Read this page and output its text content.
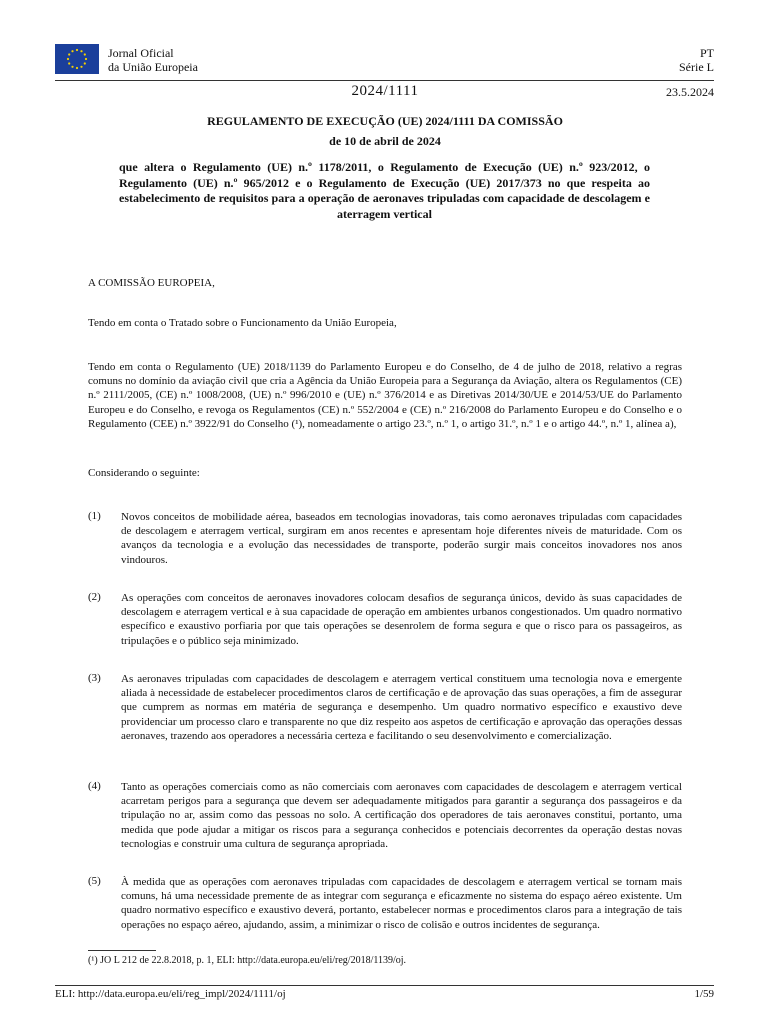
Jornal Oficial
da União Europeia
PT
Série L
2024/1111	23.5.2024
REGULAMENTO DE EXECUÇÃO (UE) 2024/1111 DA COMISSÃO
de 10 de abril de 2024
que altera o Regulamento (UE) n.º 1178/2011, o Regulamento de Execução (UE) n.º 923/2012, o Regulamento (UE) n.º 965/2012 e o Regulamento de Execução (UE) 2017/373 no que respeita ao estabelecimento de requisitos para a operação de aeronaves tripuladas com capacidade de descolagem e aterragem vertical
A COMISSÃO EUROPEIA,
Tendo em conta o Tratado sobre o Funcionamento da União Europeia,
Tendo em conta o Regulamento (UE) 2018/1139 do Parlamento Europeu e do Conselho, de 4 de julho de 2018, relativo a regras comuns no domínio da aviação civil que cria a Agência da União Europeia para a Segurança da Aviação, altera os Regulamentos (CE) n.º 2111/2005, (CE) n.º 1008/2008, (UE) n.º 996/2010 e (UE) n.º 376/2014 e as Diretivas 2014/30/UE e 2014/53/UE do Parlamento Europeu e do Conselho, e revoga os Regulamentos (CE) n.º 552/2004 e (CE) n.º 216/2008 do Parlamento Europeu e do Conselho e o Regulamento (CEE) n.º 3922/91 do Conselho (¹), nomeadamente o artigo 23.º, n.º 1, o artigo 31.º, n.º 1 e o artigo 44.º, n.º 1, alínea a),
Considerando o seguinte:
(1) Novos conceitos de mobilidade aérea, baseados em tecnologias inovadoras, tais como aeronaves tripuladas com capacidades de descolagem e aterragem vertical, surgiram em anos recentes e apresentam hoje diferentes níveis de maturidade. Com os avanços da tecnologia e a evolução das necessidades de transporte, poderão surgir mais conceitos inovadores nos anos vindouros.
(2) As operações com conceitos de aeronaves inovadores colocam desafios de segurança únicos, devido às suas capacidades de descolagem e aterragem vertical e à sua capacidade de operação em ambientes urbanos congestionados. Um quadro normativo específico e exaustivo porfiaria por que tais operações se desenrolem de forma segura e que o risco para os passageiros, as tripulações e o público seja minimizado.
(3) As aeronaves tripuladas com capacidades de descolagem e aterragem vertical constituem uma tecnologia nova e emergente aliada à necessidade de estabelecer procedimentos claros de certificação e de aprovação das suas operações, a fim de assegurar que cumprem as normas em matéria de segurança e desempenho. Um quadro normativo específico e exaustivo deve providenciar um processo claro e transparente no que diz respeito aos aspetos de certificação e aprovação das operações dessas aeronaves, trazendo aos operadores a necessária certeza e facilitando o seu desenvolvimento e comercialização.
(4) Tanto as operações comerciais como as não comerciais com aeronaves com capacidades de descolagem e aterragem vertical acarretam perigos para a segurança que devem ser adequadamente mitigados para garantir a segurança dos passageiros e da tripulação no ar, assim como das pessoas no solo. A certificação dos operadores de tais aeronaves constitui, portanto, uma medida que pode ajudar a mitigar os riscos para a segurança conhecidos e potenciais decorrentes da operação destas novas tecnologias e construir uma cultura de segurança apropriada.
(5) À medida que as operações com aeronaves tripuladas com capacidades de descolagem e aterragem vertical se tornam mais comuns, há uma necessidade premente de as integrar com segurança e eficazmente no sistema do espaço aéreo existente. Um quadro normativo específico e exaustivo deverá, portanto, estabelecer normas e procedimentos claros para a integração de tais operações no espaço aéreo, ajudando, assim, a minimizar o risco de colisão e outros incidentes de segurança.
(¹) JO L 212 de 22.8.2018, p. 1, ELI: http://data.europa.eu/eli/reg/2018/1139/oj.
ELI: http://data.europa.eu/eli/reg_impl/2024/1111/oj	1/59
